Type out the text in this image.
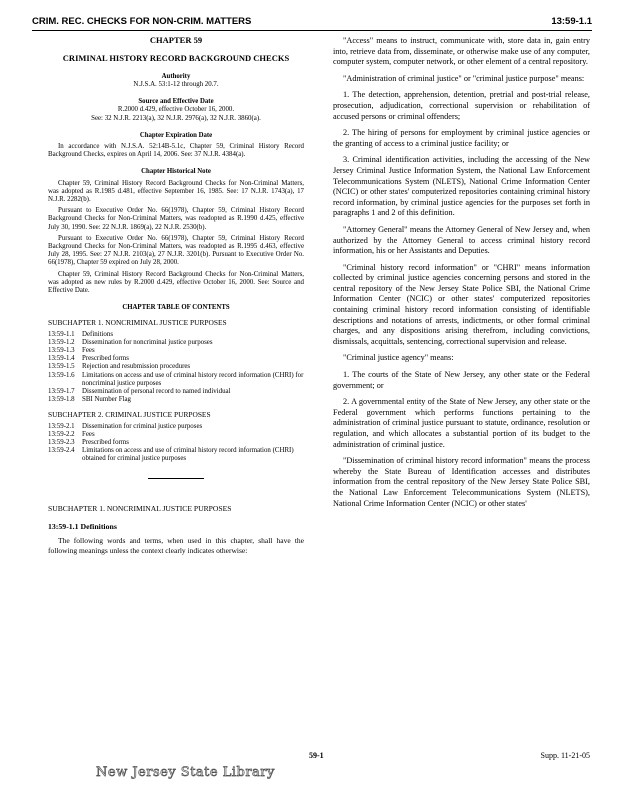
CRIM. REC. CHECKS FOR NON-CRIM. MATTERS	13:59-1.1

CHAPTER 59

CRIMINAL HISTORY RECORD BACKGROUND CHECKS

Authority

N.J.S.A. 53:1-12 through 20.7.

Source and Effective Date

R.2000 d.429, effective October 16, 2000.

See: 32 N.J.R. 2213(a), 32 N.J.R. 2976(a), 32 N.J.R. 3860(a).

Chapter Expiration Date

In accordance with N.J.S.A. 52:14B-5.1c, Chapter 59, Criminal History Record Background Checks, expires on April 14, 2006. See: 37 N.J.R. 4384(a).

Chapter Historical Note

Chapter 59, Criminal History Record Background Checks for Non-Criminal Matters, was adopted as R.1985 d.481, effective September 16, 1985. See: 17 N.J.R. 1743(a), 17 N.J.R. 2282(b).

Pursuant to Executive Order No. 66(1978), Chapter 59, Criminal History Record Background Checks for Non-Criminal Matters, was readopted as R.1990 d.425, effective July 30, 1990. See: 22 N.J.R. 1869(a), 22 N.J.R. 2530(b).

Pursuant to Executive Order No. 66(1978), Chapter 59, Criminal History Record Background Checks for Non-Criminal Matters, was readopted as R.1995 d.463, effective July 28, 1995. See: 27 N.J.R. 2103(a), 27 N.J.R. 3201(b). Pursuant to Executive Order No. 66(1978), Chapter 59 expired on July 28, 2000.

Chapter 59, Criminal History Record Background Checks for Non-Criminal Matters, was adopted as new rules by R.2000 d.429, effective October 16, 2000. See: Source and Effective Date.

CHAPTER TABLE OF CONTENTS

SUBCHAPTER 1. NONCRIMINAL JUSTICE PURPOSES

13:59-1.1	Definitions
13:59-1.2	Dissemination for noncriminal justice purposes
13:59-1.3	Fees
13:59-1.4	Prescribed forms
13:59-1.5	Rejection and resubmission procedures
13:59-1.6	Limitations on access and use of criminal history record information (CHRI) for noncriminal justice purposes
13:59-1.7	Dissemination of personal record to named individual
13:59-1.8	SBI Number Flag

SUBCHAPTER 2. CRIMINAL JUSTICE PURPOSES

13:59-2.1	Dissemination for criminal justice purposes
13:59-2.2	Fees
13:59-2.3	Prescribed forms
13:59-2.4	Limitations on access and use of criminal history record information (CHRI) obtained for criminal justice purposes

SUBCHAPTER 1. NONCRIMINAL JUSTICE PURPOSES

13:59-1.1 Definitions

The following words and terms, when used in this chapter, shall have the following meanings unless the context clearly indicates otherwise:

"Access" means to instruct, communicate with, store data in, gain entry into, retrieve data from, disseminate, or otherwise make use of any computer, computer system, computer network, or other element of a central repository.

"Administration of criminal justice" or "criminal justice purpose" means:

1. The detection, apprehension, detention, pretrial and post-trial release, prosecution, adjudication, correctional supervision or rehabilitation of accused persons or criminal offenders;

2. The hiring of persons for employment by criminal justice agencies or the granting of access to a criminal justice facility; or

3. Criminal identification activities, including the accessing of the New Jersey Criminal Justice Information System, the National Law Enforcement Telecommunications System (NLETS), National Crime Information Center (NCIC) or other states' computerized repositories containing criminal history record information, by criminal justice agencies for the purposes set forth in paragraphs 1 and 2 of this definition.

"Attorney General" means the Attorney General of New Jersey and, when authorized by the Attorney General to access criminal history record information, his or her Assistants and Deputies.

"Criminal history record information" or "CHRI" means information collected by criminal justice agencies concerning persons and stored in the central repository of the New Jersey State Police SBI, the National Crime Information Center (NCIC) or other states' computerized repositories containing criminal history record information consisting of identifiable descriptions and notations of arrests, indictments, or other formal criminal charges, and any dispositions arising therefrom, including convictions, dismissals, acquittals, sentencing, correctional supervision and release.

"Criminal justice agency" means:

1. The courts of the State of New Jersey, any other state or the Federal government; or

2. A governmental entity of the State of New Jersey, any other state or the Federal government which performs functions pertaining to the administration of criminal justice pursuant to statute, ordinance, resolution or regulation, and which allocates a substantial portion of its budget to the administration of criminal justice.

"Dissemination of criminal history record information" means the process whereby the State Bureau of Identification accesses and distributes information from the central repository of the New Jersey State Police SBI, the National Law Enforcement Telecommunications System (NLETS), National Crime Information Center (NCIC) or other states'

59-1	Supp. 11-21-05
New Jersey State Library
